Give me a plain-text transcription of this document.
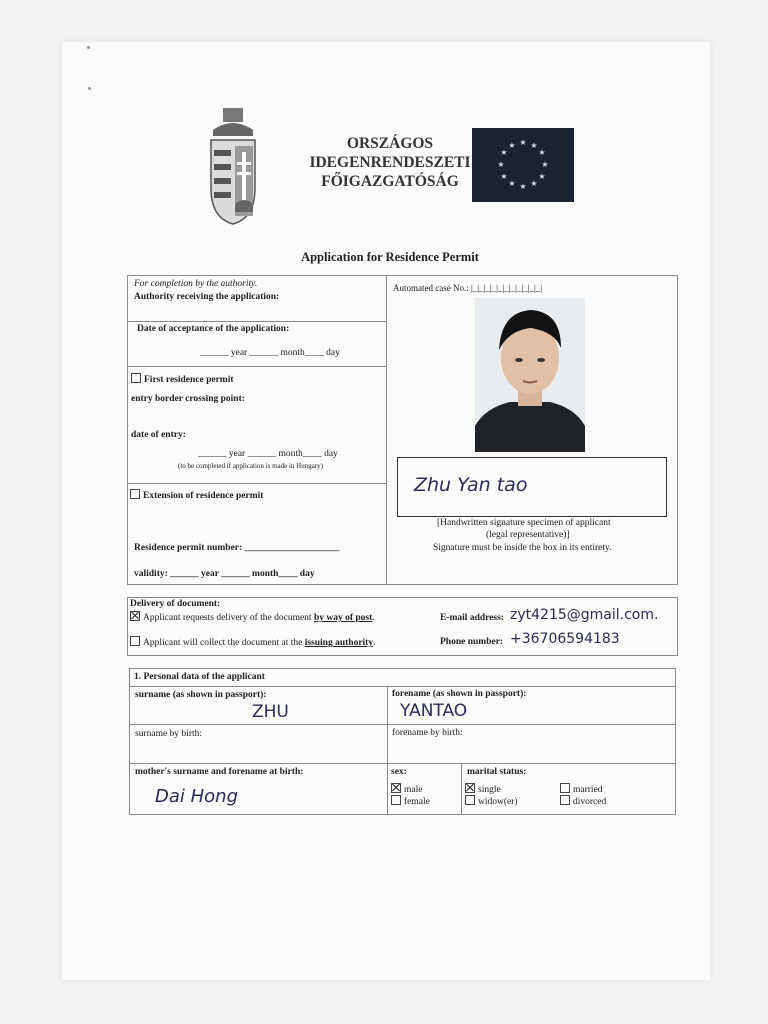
ORSZÁGOS
IDEGENRENDESZETI
FŐIGAZGATÓSÁG
★ ★
★
★
★
★
★
★
★
★
★
★
Application for Residence Permit
For completion by the authority.
Authority receiving the application:
Automated case No.: |_|_|_|_|_|_|_|_|_|_|_|
Date of acceptance of the application:
______ year ______ month____ day
First residence permit
entry border crossing point:
date of entry:
______ year ______ month____ day
(to be completed if application is made in Hungary)
Extension of residence permit
Residence permit number: ____________________
validity: ______ year ______ month____ day
Zhu Yan tao
[Handwritten signature specimen of applicant
(legal representative)]
Signature must be inside the box in its entirety.
Delivery of document:
Applicant requests delivery of the document by way of post.
Applicant will collect the document at the issuing authority.
E-mail address: zyt4215@gmail.com.
Phone number: +36706594183
1. Personal data of the applicant
surname (as shown in passport):
ZHU
forename (as shown in passport):
YANTAO
surname by birth:	forename by birth:
mother's surname and forename at birth:
Dai Hong
sex:
male
female
marital status:
single
widow(er)
married
divorced
